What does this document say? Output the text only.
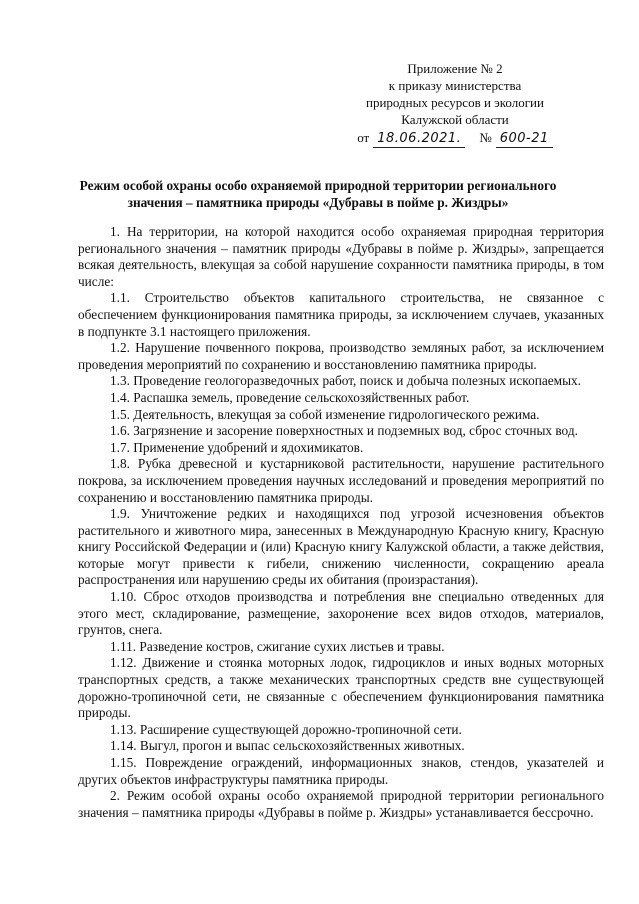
Приложение № 2
к приказу министерства
природных ресурсов и экологии
Калужской области
от 18.06.2021.	№ 600-21
Режим особой охраны особо охраняемой природной территории регионального значения – памятника природы «Дубравы в пойме р. Жиздры»

1. На территории, на которой находится особо охраняемая природная территория регионального значения – памятник природы «Дубравы в пойме р. Жиздры», запрещается всякая деятельность, влекущая за собой нарушение сохранности памятника природы, в том числе:

1.1. Строительство объектов капитального строительства, не связанное с обеспечением функционирования памятника природы, за исключением случаев, указанных в подпункте 3.1 настоящего приложения.

1.2. Нарушение почвенного покрова, производство земляных работ, за исключением проведения мероприятий по сохранению и восстановлению памятника природы.

1.3. Проведение геологоразведочных работ, поиск и добыча полезных ископаемых.

1.4. Распашка земель, проведение сельскохозяйственных работ.

1.5. Деятельность, влекущая за собой изменение гидрологического режима.

1.6. Загрязнение и засорение поверхностных и подземных вод, сброс сточных вод.

1.7. Применение удобрений и ядохимикатов.

1.8. Рубка древесной и кустарниковой растительности, нарушение растительного покрова, за исключением проведения научных исследований и проведения мероприятий по сохранению и восстановлению памятника природы.

1.9. Уничтожение редких и находящихся под угрозой исчезновения объектов растительного и животного мира, занесенных в Международную Красную книгу, Красную книгу Российской Федерации и (или) Красную книгу Калужской области, а также действия, которые могут привести к гибели, снижению численности, сокращению ареала распространения или нарушению среды их обитания (произрастания).

1.10. Сброс отходов производства и потребления вне специально отведенных для этого мест, складирование, размещение, захоронение всех видов отходов, материалов, грунтов, снега.

1.11. Разведение костров, сжигание сухих листьев и травы.

1.12. Движение и стоянка моторных лодок, гидроциклов и иных водных моторных транспортных средств, а также механических транспортных средств вне существующей дорожно-тропиночной сети, не связанные с обеспечением функционирования памятника природы.

1.13. Расширение существующей дорожно-тропиночной сети.

1.14. Выгул, прогон и выпас сельскохозяйственных животных.

1.15. Повреждение ограждений, информационных знаков, стендов, указателей и других объектов инфраструктуры памятника природы.

2. Режим особой охраны особо охраняемой природной территории регионального значения – памятника природы «Дубравы в пойме р. Жиздры» устанавливается бессрочно.
